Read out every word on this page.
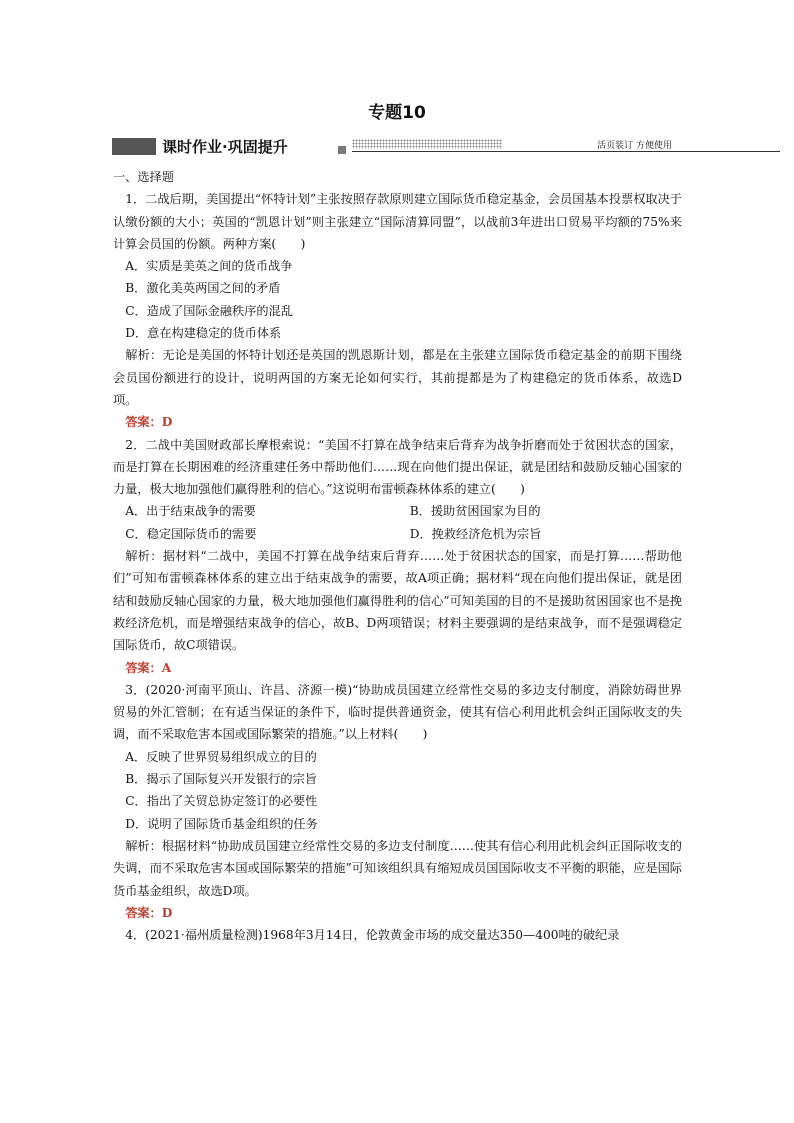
专题10
课时作业·巩固提升	活页装订 方便使用

一、选择题

1．二战后期，美国提出“怀特计划”主张按照存款原则建立国际货币稳定基金，会员国基本投票权取决于认缴份额的大小；英国的“凯恩计划”则主张建立“国际清算同盟”，以战前3年进出口贸易平均额的75%来计算会员国的份额。两种方案(　　)

A．实质是美英之间的货币战争

B．激化美英两国之间的矛盾

C．造成了国际金融秩序的混乱

D．意在构建稳定的货币体系

解析：无论是美国的怀特计划还是英国的凯恩斯计划，都是在主张建立国际货币稳定基金的前期下围绕会员国份额进行的设计，说明两国的方案无论如何实行，其前提都是为了构建稳定的货币体系，故选D项。

答案：D

2．二战中美国财政部长摩根索说：“美国不打算在战争结束后背弃为战争折磨而处于贫困状态的国家，而是打算在长期困难的经济重建任务中帮助他们……现在向他们提出保证，就是团结和鼓励反轴心国家的力量，极大地加强他们赢得胜利的信心。”这说明布雷顿森林体系的建立(　　)

A．出于结束战争的需要	B．援助贫困国家为目的
C．稳定国际货币的需要	D．挽救经济危机为宗旨

解析：据材料“二战中，美国不打算在战争结束后背弃……处于贫困状态的国家，而是打算……帮助他们”可知布雷顿森林体系的建立出于结束战争的需要，故A项正确；据材料“现在向他们提出保证，就是团结和鼓励反轴心国家的力量，极大地加强他们赢得胜利的信心”可知美国的目的不是援助贫困国家也不是挽救经济危机，而是增强结束战争的信心，故B、D两项错误；材料主要强调的是结束战争，而不是强调稳定国际货币，故C项错误。

答案：A

3．(2020·河南平顶山、许昌、济源一模)“协助成员国建立经常性交易的多边支付制度，消除妨碍世界贸易的外汇管制；在有适当保证的条件下，临时提供普通资金，使其有信心利用此机会纠正国际收支的失调，而不采取危害本国或国际繁荣的措施。”以上材料(　　)

A．反映了世界贸易组织成立的目的

B．揭示了国际复兴开发银行的宗旨

C．指出了关贸总协定签订的必要性

D．说明了国际货币基金组织的任务

解析：根据材料“协助成员国建立经常性交易的多边支付制度……使其有信心利用此机会纠正国际收支的失调，而不采取危害本国或国际繁荣的措施”可知该组织具有缩短成员国国际收支不平衡的职能，应是国际货币基金组织，故选D项。

答案：D

4．(2021·福州质量检测)1968年3月14日，伦敦黄金市场的成交量达350—400吨的破纪录
